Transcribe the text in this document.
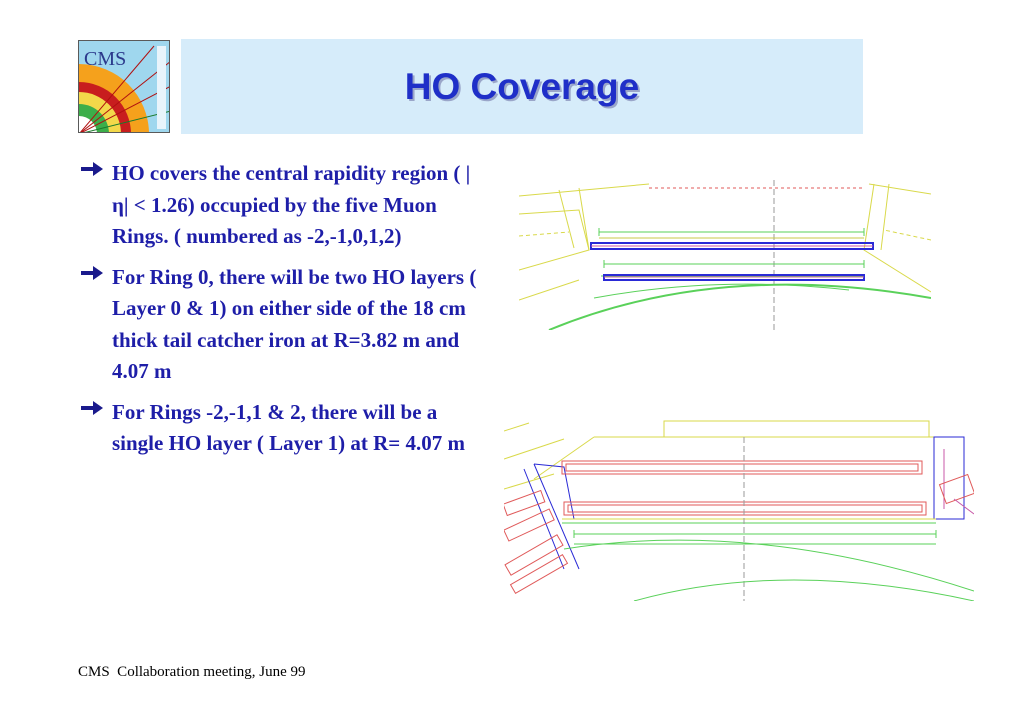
CMS
HO Coverage
HO covers the central rapidity region ( |η| < 1.26) occupied by the five Muon Rings. ( numbered as -2,-1,0,1,2)
For Ring 0, there will be two HO layers ( Layer 0 & 1) on either side of the 18 cm thick tail catcher iron at R=3.82 m and 4.07 m
For Rings -2,-1,1 & 2, there will be a single HO layer ( Layer 1) at R= 4.07 m
CMS  Collaboration meeting, June 99
